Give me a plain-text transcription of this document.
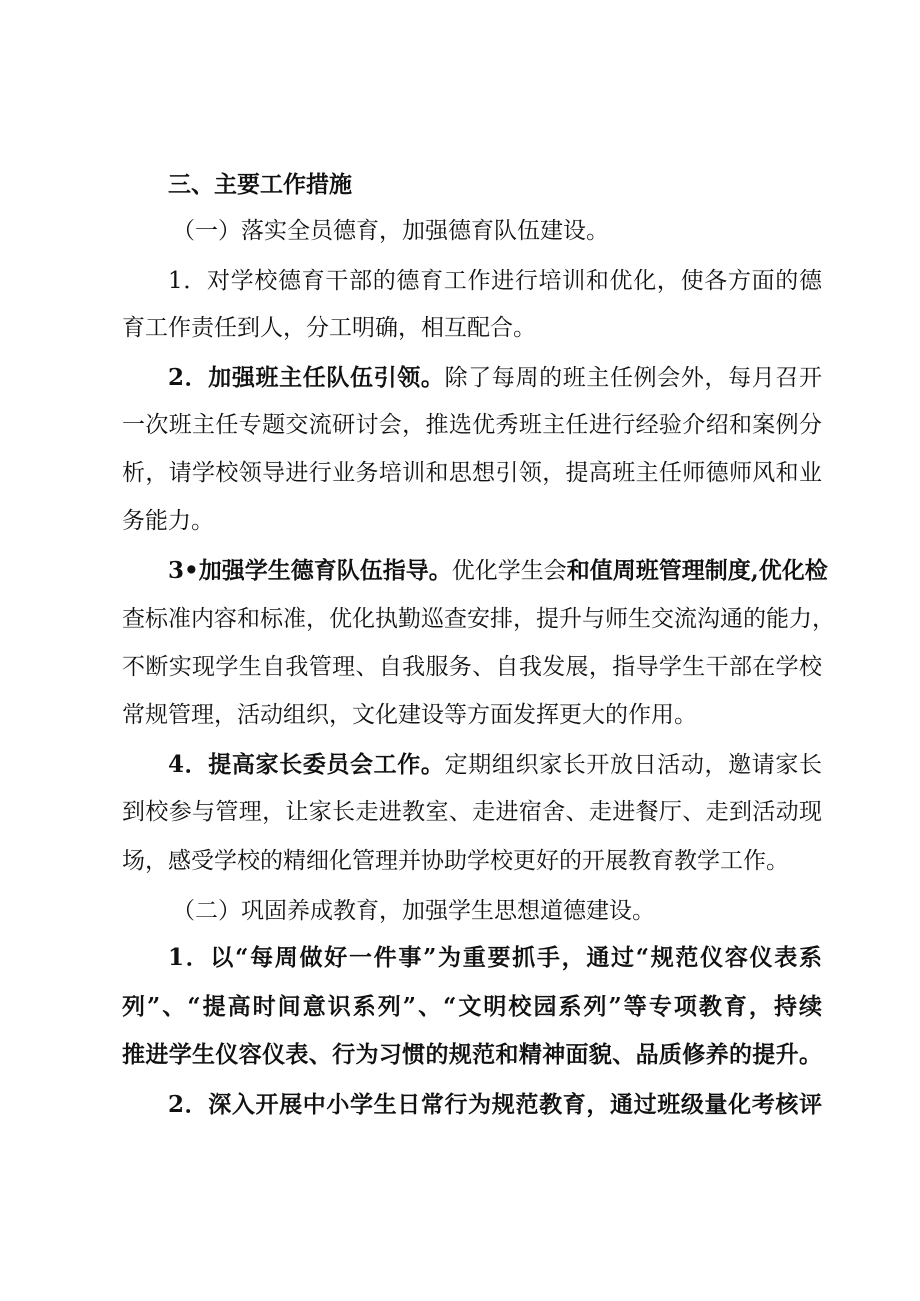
三、主要工作措施
（一）落实全员德育，加强德育队伍建设。
1．对学校德育干部的德育工作进行培训和优化，使各方面的德
育工作责任到人，分工明确，相互配合。
2．加强班主任队伍引领。除了每周的班主任例会外，每月召开
一次班主任专题交流研讨会，推选优秀班主任进行经验介绍和案例分
析，请学校领导进行业务培训和思想引领，提高班主任师德师风和业
务能力。
3•加强学生德育队伍指导。优化学生会和值周班管理制度,优化检
查标准内容和标准，优化执勤巡查安排，提升与师生交流沟通的能力，
不断实现学生自我管理、自我服务、自我发展，指导学生干部在学校
常规管理，活动组织，文化建设等方面发挥更大的作用。
4．提高家长委员会工作。定期组织家长开放日活动，邀请家长
到校参与管理，让家长走进教室、走进宿舍、走进餐厅、走到活动现
场，感受学校的精细化管理并协助学校更好的开展教育教学工作。
（二）巩固养成教育，加强学生思想道德建设。
1．以“每周做好一件事”为重要抓手，通过“规范仪容仪表系
列”、“提高时间意识系列”、“文明校园系列”等专项教育，持续
推进学生仪容仪表、行为习惯的规范和精神面貌、品质修养的提升。
2．深入开展中小学生日常行为规范教育，通过班级量化考核评
